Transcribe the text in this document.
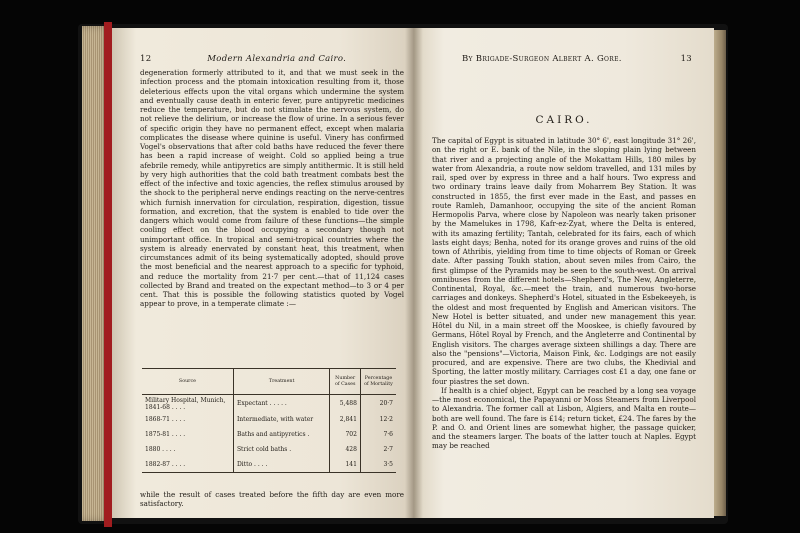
12	Modern Alexandria and Cairo.

degeneration formerly attributed to it, and that we must seek in the infection process and the ptomain intoxication resulting from it, those deleterious effects upon the vital organs which undermine the system and eventually cause death in enteric fever, pure antipyretic medicines reduce the temperature, but do not stimulate the nervous system, do not relieve the delirium, or increase the flow of urine. In a serious fever of specific origin they have no permanent effect, except when malaria complicates the disease where quinine is useful. Vinery has confirmed Vogel's observations that after cold baths have reduced the fever there has been a rapid increase of weight. Cold so applied being a true afebrile remedy, while antipyretics are simply antithermic. It is still held by very high authorities that the cold bath treatment combats best the effect of the infective and toxic agencies, the reflex stimulus aroused by the shock to the peripheral nerve endings reacting on the nerve-centres which furnish innervation for circulation, respiration, digestion, tissue formation, and excretion, that the system is enabled to tide over the dangers which would come from failure of these functions—the simple cooling effect on the blood occupying a secondary though not unimportant office. In tropical and semi-tropical countries where the system is already enervated by constant heat, this treatment, when circumstances admit of its being systematically adopted, should prove the most beneficial and the nearest approach to a specific for typhoid, and reduce the mortality from 21·7 per cent.—that of 11,124 cases collected by Brand and treated on the expectant method—to 3 or 4 per cent. That this is possible the following statistics quoted by Vogel appear to prove, in a temperate climate :—

Source	Treatment	Number of Cases	Percentage of Mortality
Military Hospital, Munich, 1841-68 . . . .	Expectant . . . . .	5,488	20·7
1868-71 . . . .	Intermediate, with water	2,841	12·2
1875-81 . . . .	Baths and antipyretics .	702	7·6
1880 . . . .	Strict cold baths .	428	2·7
1882-87 . . . .	Ditto . . . .	141	3·5

while the result of cases treated before the fifth day are even more satisfactory.

By Brigade-Surgeon Albert A. Gore.	13
CAIRO.

The capital of Egypt is situated in latitude 30° 6', east longitude 31° 26', on the right or E. bank of the Nile, in the sloping plain lying between that river and a projecting angle of the Mokattam Hills, 180 miles by water from Alexandria, a route now seldom travelled, and 131 miles by rail, sped over by express in three and a half hours. Two express and two ordinary trains leave daily from Moharrem Bey Station. It was constructed in 1855, the first ever made in the East, and passes en route Ramleh, Damanhoor, occupying the site of the ancient Roman Hermopolis Parva, where close by Napoleon was nearly taken prisoner by the Mamelukes in 1798, Kafr-ez-Zyat, where the Delta is entered, with its amazing fertility; Tantah, celebrated for its fairs, each of which lasts eight days; Benha, noted for its orange groves and ruins of the old town of Athribis, yielding from time to time objects of Roman or Greek date. After passing Toukh station, about seven miles from Cairo, the first glimpse of the Pyramids may be seen to the south-west. On arrival omnibuses from the different hotels—Shepherd's, The New, Angleterre, Continental, Royal, &c.—meet the train, and numerous two-horse carriages and donkeys. Shepherd's Hotel, situated in the Esbekeeyeh, is the oldest and most frequented by English and American visitors. The New Hotel is better situated, and under new management this year. Hôtel du Nil, in a main street off the Mooskee, is chiefly favoured by Germans, Hôtel Royal by French, and the Angleterre and Continental by English visitors. The charges average sixteen shillings a day. There are also the "pensions"—Victoria, Maison Fink, &c. Lodgings are not easily procured, and are expensive. There are two clubs, the Khedivial and Sporting, the latter mostly military. Carriages cost £1 a day, one fane or four piastres the set down.

If health is a chief object, Egypt can be reached by a long sea voyage—the most economical, the Papayanni or Moss Steamers from Liverpool to Alexandria. The former call at Lisbon, Algiers, and Malta en route—both are well found. The fare is £14; return ticket, £24. The fares by the P. and O. and Orient lines are somewhat higher, the passage quicker, and the steamers larger. The boats of the latter touch at Naples. Egypt may be reached
